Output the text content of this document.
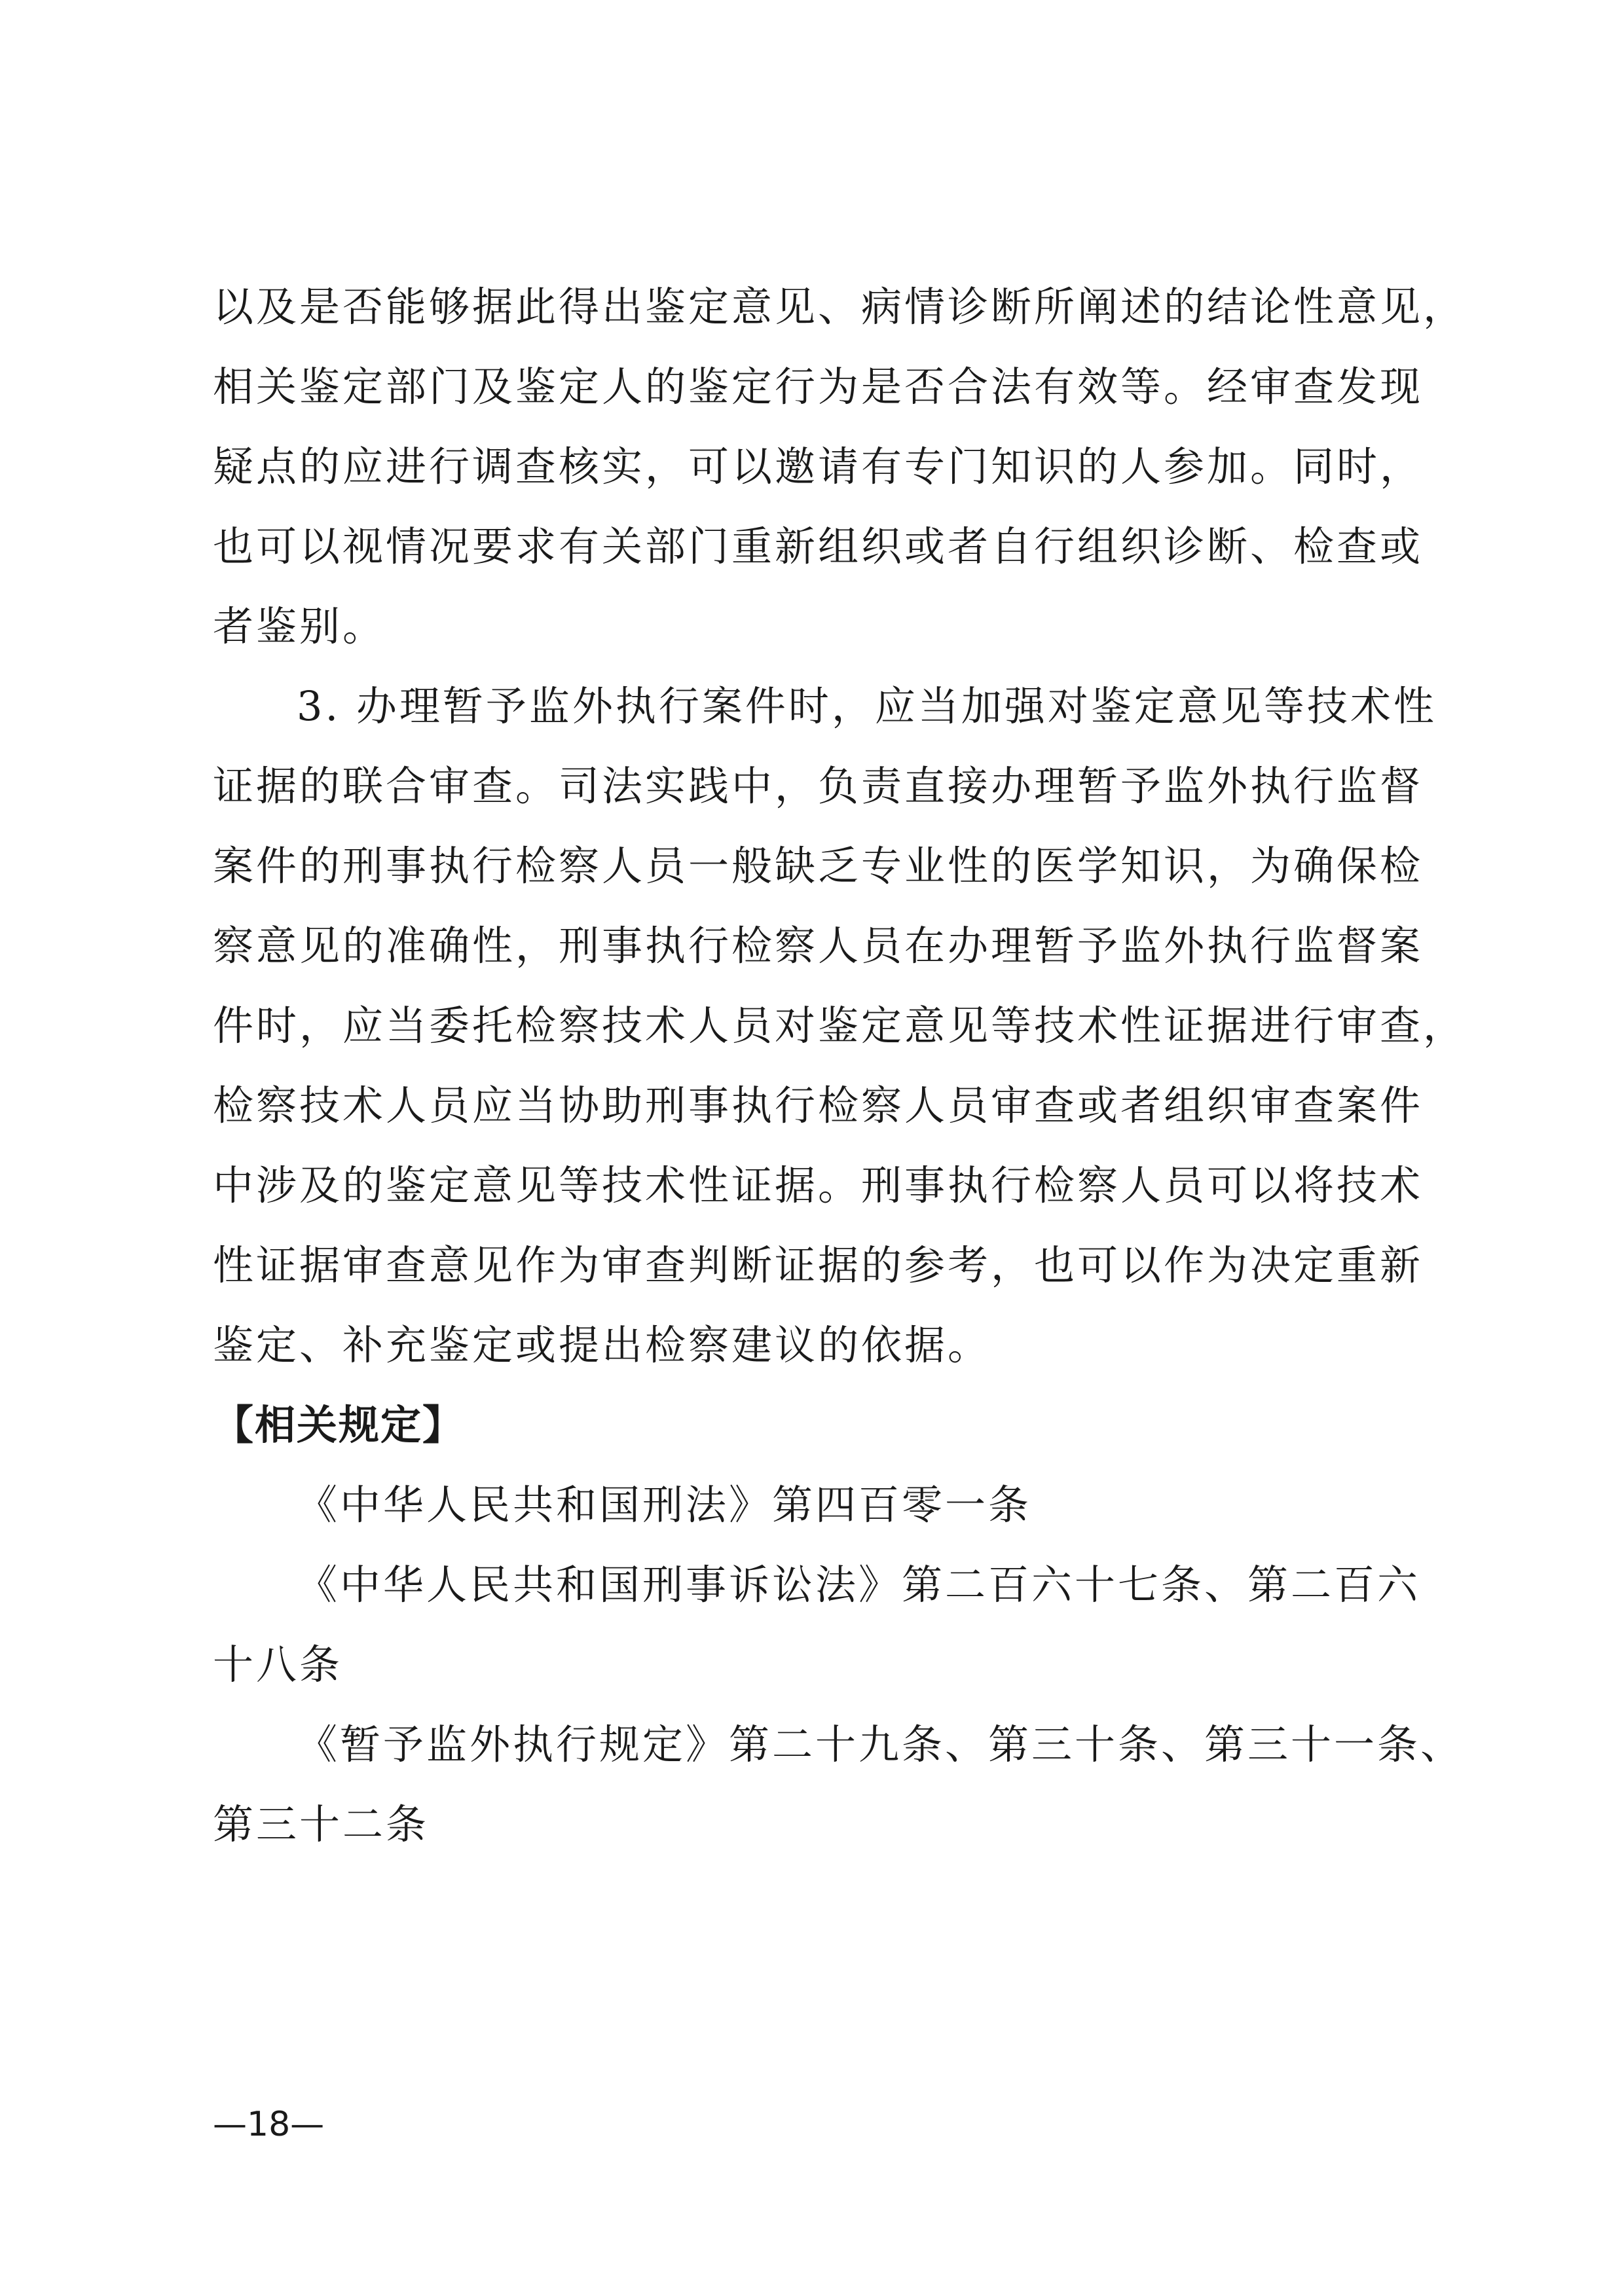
以及是否能够据此得出鉴定意见、病情诊断所阐述的结论性意见，
相关鉴定部门及鉴定人的鉴定行为是否合法有效等。经审查发现
疑点的应进行调查核实，可以邀请有专门知识的人参加。同时，
也可以视情况要求有关部门重新组织或者自行组织诊断、检查或
者鉴别。
3. 办理暂予监外执行案件时，应当加强对鉴定意见等技术性
证据的联合审查。司法实践中，负责直接办理暂予监外执行监督
案件的刑事执行检察人员一般缺乏专业性的医学知识，为确保检
察意见的准确性，刑事执行检察人员在办理暂予监外执行监督案
件时，应当委托检察技术人员对鉴定意见等技术性证据进行审查，
检察技术人员应当协助刑事执行检察人员审查或者组织审查案件
中涉及的鉴定意见等技术性证据。刑事执行检察人员可以将技术
性证据审查意见作为审查判断证据的参考，也可以作为决定重新
鉴定、补充鉴定或提出检察建议的依据。
【相关规定】
《中华人民共和国刑法》第四百零一条
《中华人民共和国刑事诉讼法》第二百六十七条、第二百六
十八条
《暂予监外执行规定》第二十九条、第三十条、第三十一条、
第三十二条
—18—
